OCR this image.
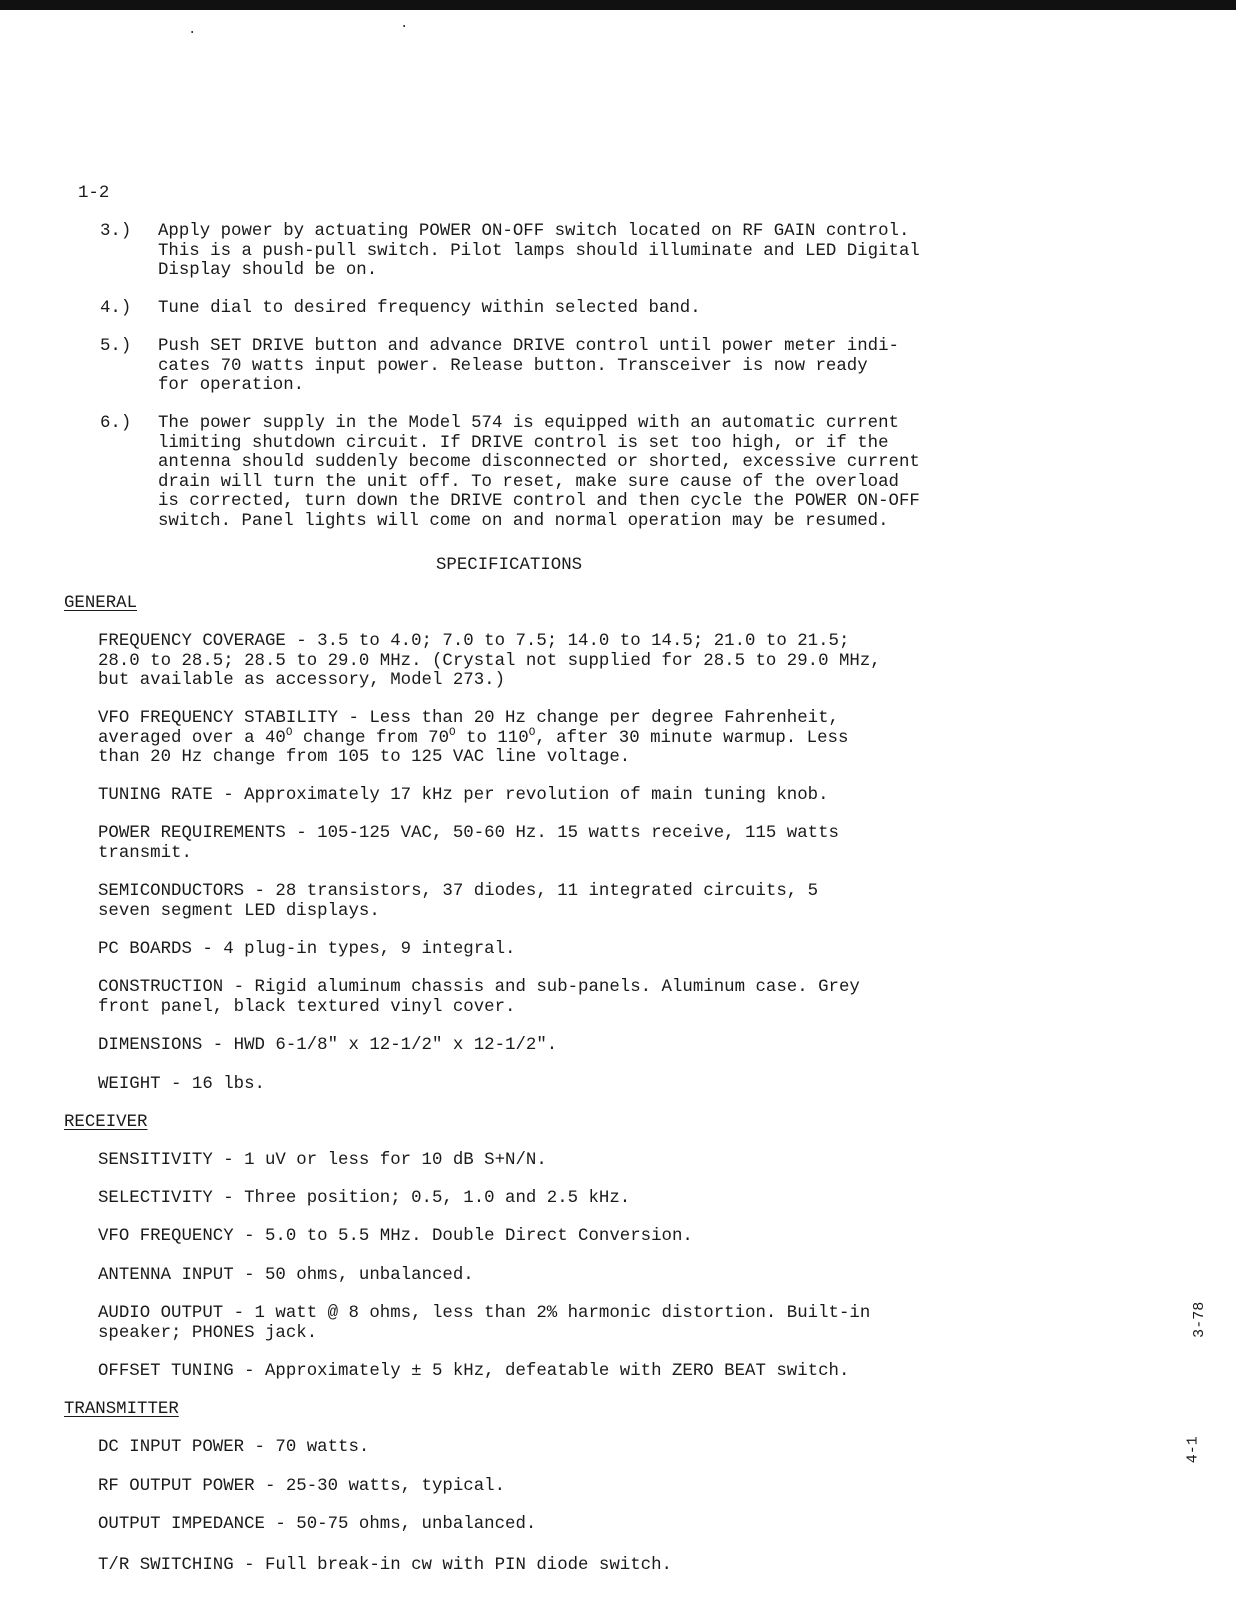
·	·
1-2
3.) Apply power by actuating POWER ON-OFF switch located on RF GAIN control.
This is a push-pull switch. Pilot lamps should illuminate and LED Digital
Display should be on.
4.) Tune dial to desired frequency within selected band.
5.) Push SET DRIVE button and advance DRIVE control until power meter indi-
cates 70 watts input power. Release button. Transceiver is now ready
for operation.
6.) The power supply in the Model 574 is equipped with an automatic current
limiting shutdown circuit. If DRIVE control is set too high, or if the
antenna should suddenly become disconnected or shorted, excessive current
drain will turn the unit off. To reset, make sure cause of the overload
is corrected, turn down the DRIVE control and then cycle the POWER ON-OFF
switch. Panel lights will come on and normal operation may be resumed.
SPECIFICATIONS
GENERAL
FREQUENCY COVERAGE - 3.5 to 4.0; 7.0 to 7.5; 14.0 to 14.5; 21.0 to 21.5;
28.0 to 28.5; 28.5 to 29.0 MHz. (Crystal not supplied for 28.5 to 29.0 MHz,
but available as accessory, Model 273.)
VFO FREQUENCY STABILITY - Less than 20 Hz change per degree Fahrenheit,
averaged over a $40^O$ change from $70^O$ to $110^O$, after 30 minute warmup. Less
than 20 Hz change from 105 to 125 VAC line voltage.
TUNING RATE - Approximately 17 kHz per revolution of main tuning knob.
POWER REQUIREMENTS - 105-125 VAC, 50-60 Hz. 15 watts receive, 115 watts
transmit.
SEMICONDUCTORS - 28 transistors, 37 diodes, 11 integrated circuits, 5
seven segment LED displays.
PC BOARDS - 4 plug-in types, 9 integral.
CONSTRUCTION - Rigid aluminum chassis and sub-panels. Aluminum case. Grey
front panel, black textured vinyl cover.
DIMENSIONS - HWD 6-1/8" x 12-1/2" x 12-1/2".
WEIGHT - 16 lbs.
RECEIVER
SENSITIVITY - 1 uV or less for 10 dB S+N/N.
SELECTIVITY - Three position; 0.5, 1.0 and 2.5 kHz.
VFO FREQUENCY - 5.0 to 5.5 MHz. Double Direct Conversion.
ANTENNA INPUT - 50 ohms, unbalanced.
AUDIO OUTPUT - 1 watt @ 8 ohms, less than 2% harmonic distortion. Built-in
speaker; PHONES jack.
OFFSET TUNING - Approximately ± 5 kHz, defeatable with ZERO BEAT switch.
TRANSMITTER
DC INPUT POWER - 70 watts.
RF OUTPUT POWER - 25-30 watts, typical.
OUTPUT IMPEDANCE - 50-75 ohms, unbalanced.
T/R SWITCHING - Full break-in cw with PIN diode switch.
3-78
4-1
